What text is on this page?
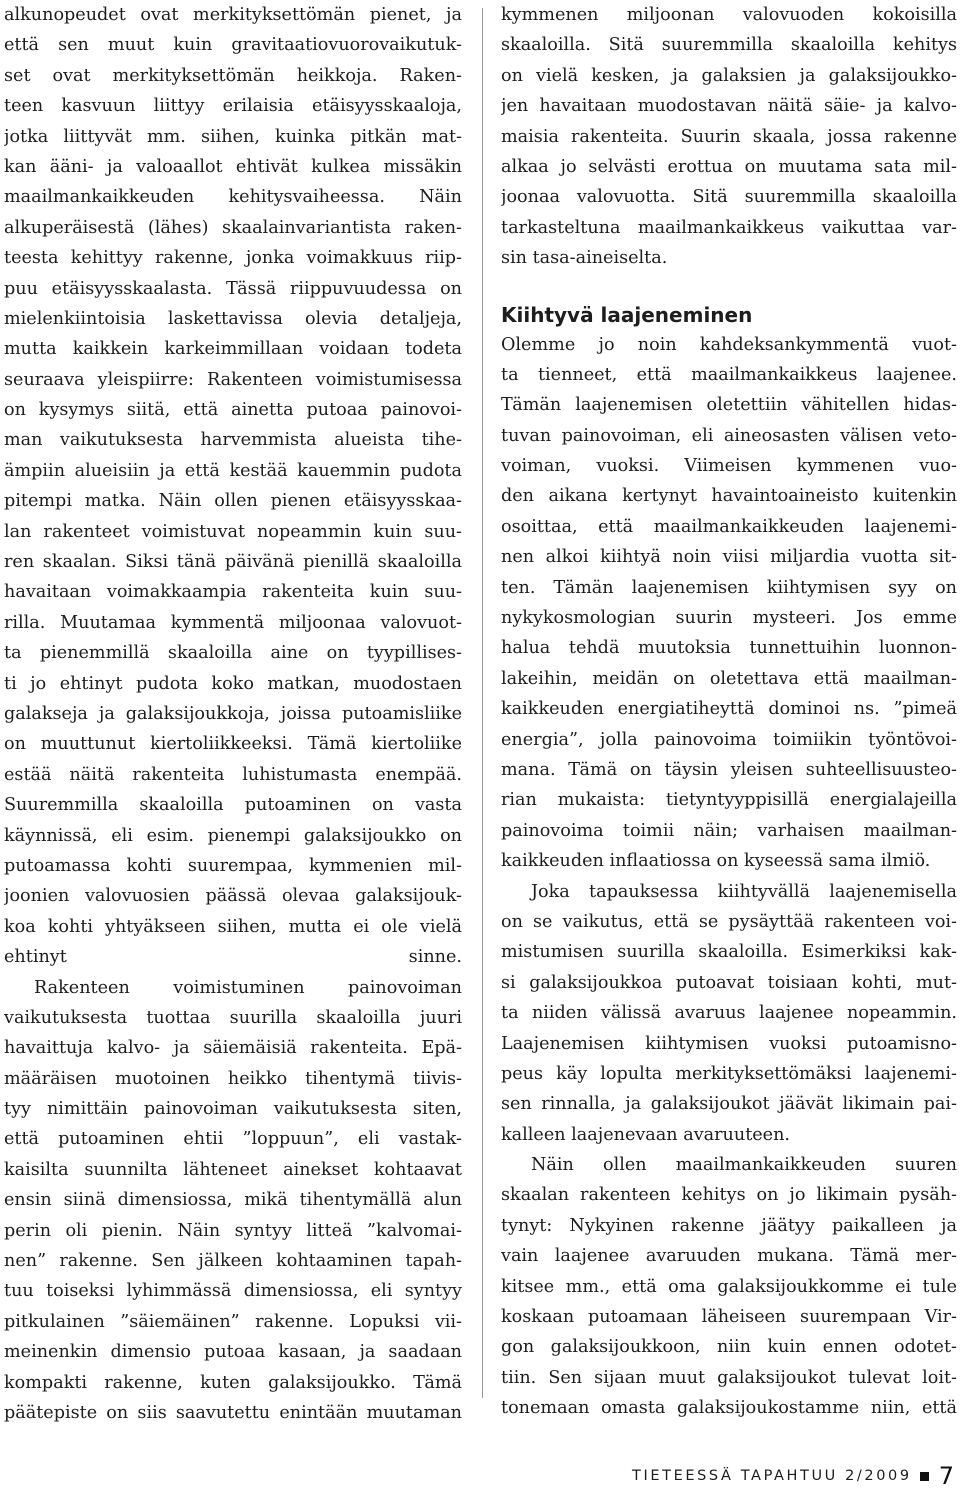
alkunopeudet ovat merkityksettömän pienet, ja
että sen muut kuin gravitaatiovuorovaikutuk-
set ovat merkityksettömän heikkoja. Raken-
teen kasvuun liittyy erilaisia etäisyysskaaloja,
jotka liittyvät mm. siihen, kuinka pitkän mat-
kan ääni- ja valoaallot ehtivät kulkea missäkin
maailmankaikkeuden kehitysvaiheessa. Näin
alkuperäisestä (lähes) skaalainvariantista raken-
teesta kehittyy rakenne, jonka voimakkuus riip-
puu etäisyysskaalasta. Tässä riippuvuudessa on
mielenkiintoisia laskettavissa olevia detaljeja,
mutta kaikkein karkeimmillaan voidaan todeta
seuraava yleispiirre: Rakenteen voimistumisessa
on kysymys siitä, että ainetta putoaa painovoi-
man vaikutuksesta harvemmista alueista tihe-
ämpiin alueisiin ja että kestää kauemmin pudota
pitempi matka. Näin ollen pienen etäisyysskaa-
lan rakenteet voimistuvat nopeammin kuin suu-
ren skaalan. Siksi tänä päivänä pienillä skaaloilla
havaitaan voimakkaampia rakenteita kuin suu-
rilla. Muutamaa kymmentä miljoonaa valovuot-
ta pienemmillä skaaloilla aine on tyypillises-
ti jo ehtinyt pudota koko matkan, muodostaen
galakseja ja galaksijoukkoja, joissa putoamisliike
on muuttunut kiertoliikkeeksi. Tämä kiertoliike
estää näitä rakenteita luhistumasta enempää.
Suuremmilla skaaloilla putoaminen on vasta
käynnissä, eli esim. pienempi galaksijoukko on
putoamassa kohti suurempaa, kymmenien mil-
joonien valovuosien päässä olevaa galaksijouk-
koa kohti yhtyäkseen siihen, mutta ei ole vielä
ehtinyt sinne.
Rakenteen voimistuminen painovoiman
vaikutuksesta tuottaa suurilla skaaloilla juuri
havaittuja kalvo- ja säiemäisiä rakenteita. Epä-
määräisen muotoinen heikko tihentymä tiivis-
tyy nimittäin painovoiman vaikutuksesta siten,
että putoaminen ehtii ”loppuun”, eli vastak-
kaisilta suunnilta lähteneet ainekset kohtaavat
ensin siinä dimensiossa, mikä tihentymällä alun
perin oli pienin. Näin syntyy litteä ”kalvomai-
nen” rakenne. Sen jälkeen kohtaaminen tapah-
tuu toiseksi lyhimmässä dimensiossa, eli syntyy
pitkulainen ”säiemäinen” rakenne. Lopuksi vii-
meinenkin dimensio putoaa kasaan, ja saadaan
kompakti rakenne, kuten galaksijoukko. Tämä
päätepiste on siis saavutettu enintään muutaman
kymmenen miljoonan valovuoden kokoisilla
skaaloilla. Sitä suuremmilla skaaloilla kehitys
on vielä kesken, ja galaksien ja galaksijoukko-
jen havaitaan muodostavan näitä säie- ja kalvo-
maisia rakenteita. Suurin skaala, jossa rakenne
alkaa jo selvästi erottua on muutama sata mil-
joonaa valovuotta. Sitä suuremmilla skaaloilla
tarkasteltuna maailmankaikkeus vaikuttaa var-
sin tasa-aineiselta.
Kiihtyvä laajeneminen
Olemme jo noin kahdeksankymmentä vuot-
ta tienneet, että maailmankaikkeus laajenee.
Tämän laajenemisen oletettiin vähitellen hidas-
tuvan painovoiman, eli aineosasten välisen veto-
voiman, vuoksi. Viimeisen kymmenen vuo-
den aikana kertynyt havaintoaineisto kuitenkin
osoittaa, että maailmankaikkeuden laajenemi-
nen alkoi kiihtyä noin viisi miljardia vuotta sit-
ten. Tämän laajenemisen kiihtymisen syy on
nykykosmologian suurin mysteeri. Jos emme
halua tehdä muutoksia tunnettuihin luonnon-
lakeihin, meidän on oletettava että maailman-
kaikkeuden energiatiheyttä dominoi ns. ”pimeä
energia”, jolla painovoima toimiikin työntövoi-
mana. Tämä on täysin yleisen suhteellisuusteo-
rian mukaista: tietyntyyppisillä energialajeilla
painovoima toimii näin; varhaisen maailman-
kaikkeuden inflaatiossa on kyseessä sama ilmiö.
Joka tapauksessa kiihtyvällä laajenemisella
on se vaikutus, että se pysäyttää rakenteen voi-
mistumisen suurilla skaaloilla. Esimerkiksi kak-
si galaksijoukkoa putoavat toisiaan kohti, mut-
ta niiden välissä avaruus laajenee nopeammin.
Laajenemisen kiihtymisen vuoksi putoamisno-
peus käy lopulta merkityksettömäksi laajenemi-
sen rinnalla, ja galaksijoukot jäävät likimain pai-
kalleen laajenevaan avaruuteen.
Näin ollen maailmankaikkeuden suuren
skaalan rakenteen kehitys on jo likimain pysäh-
tynyt: Nykyinen rakenne jäätyy paikalleen ja
vain laajenee avaruuden mukana. Tämä mer-
kitsee mm., että oma galaksijoukkomme ei tule
koskaan putoamaan läheiseen suurempaan Vir-
gon galaksijoukkoon, niin kuin ennen odotet-
tiin. Sen sijaan muut galaksijoukot tulevat loit-
tonemaan omasta galaksijoukostamme niin, että
TIETEESSÄ TAPAHTUU 2/2009 7
